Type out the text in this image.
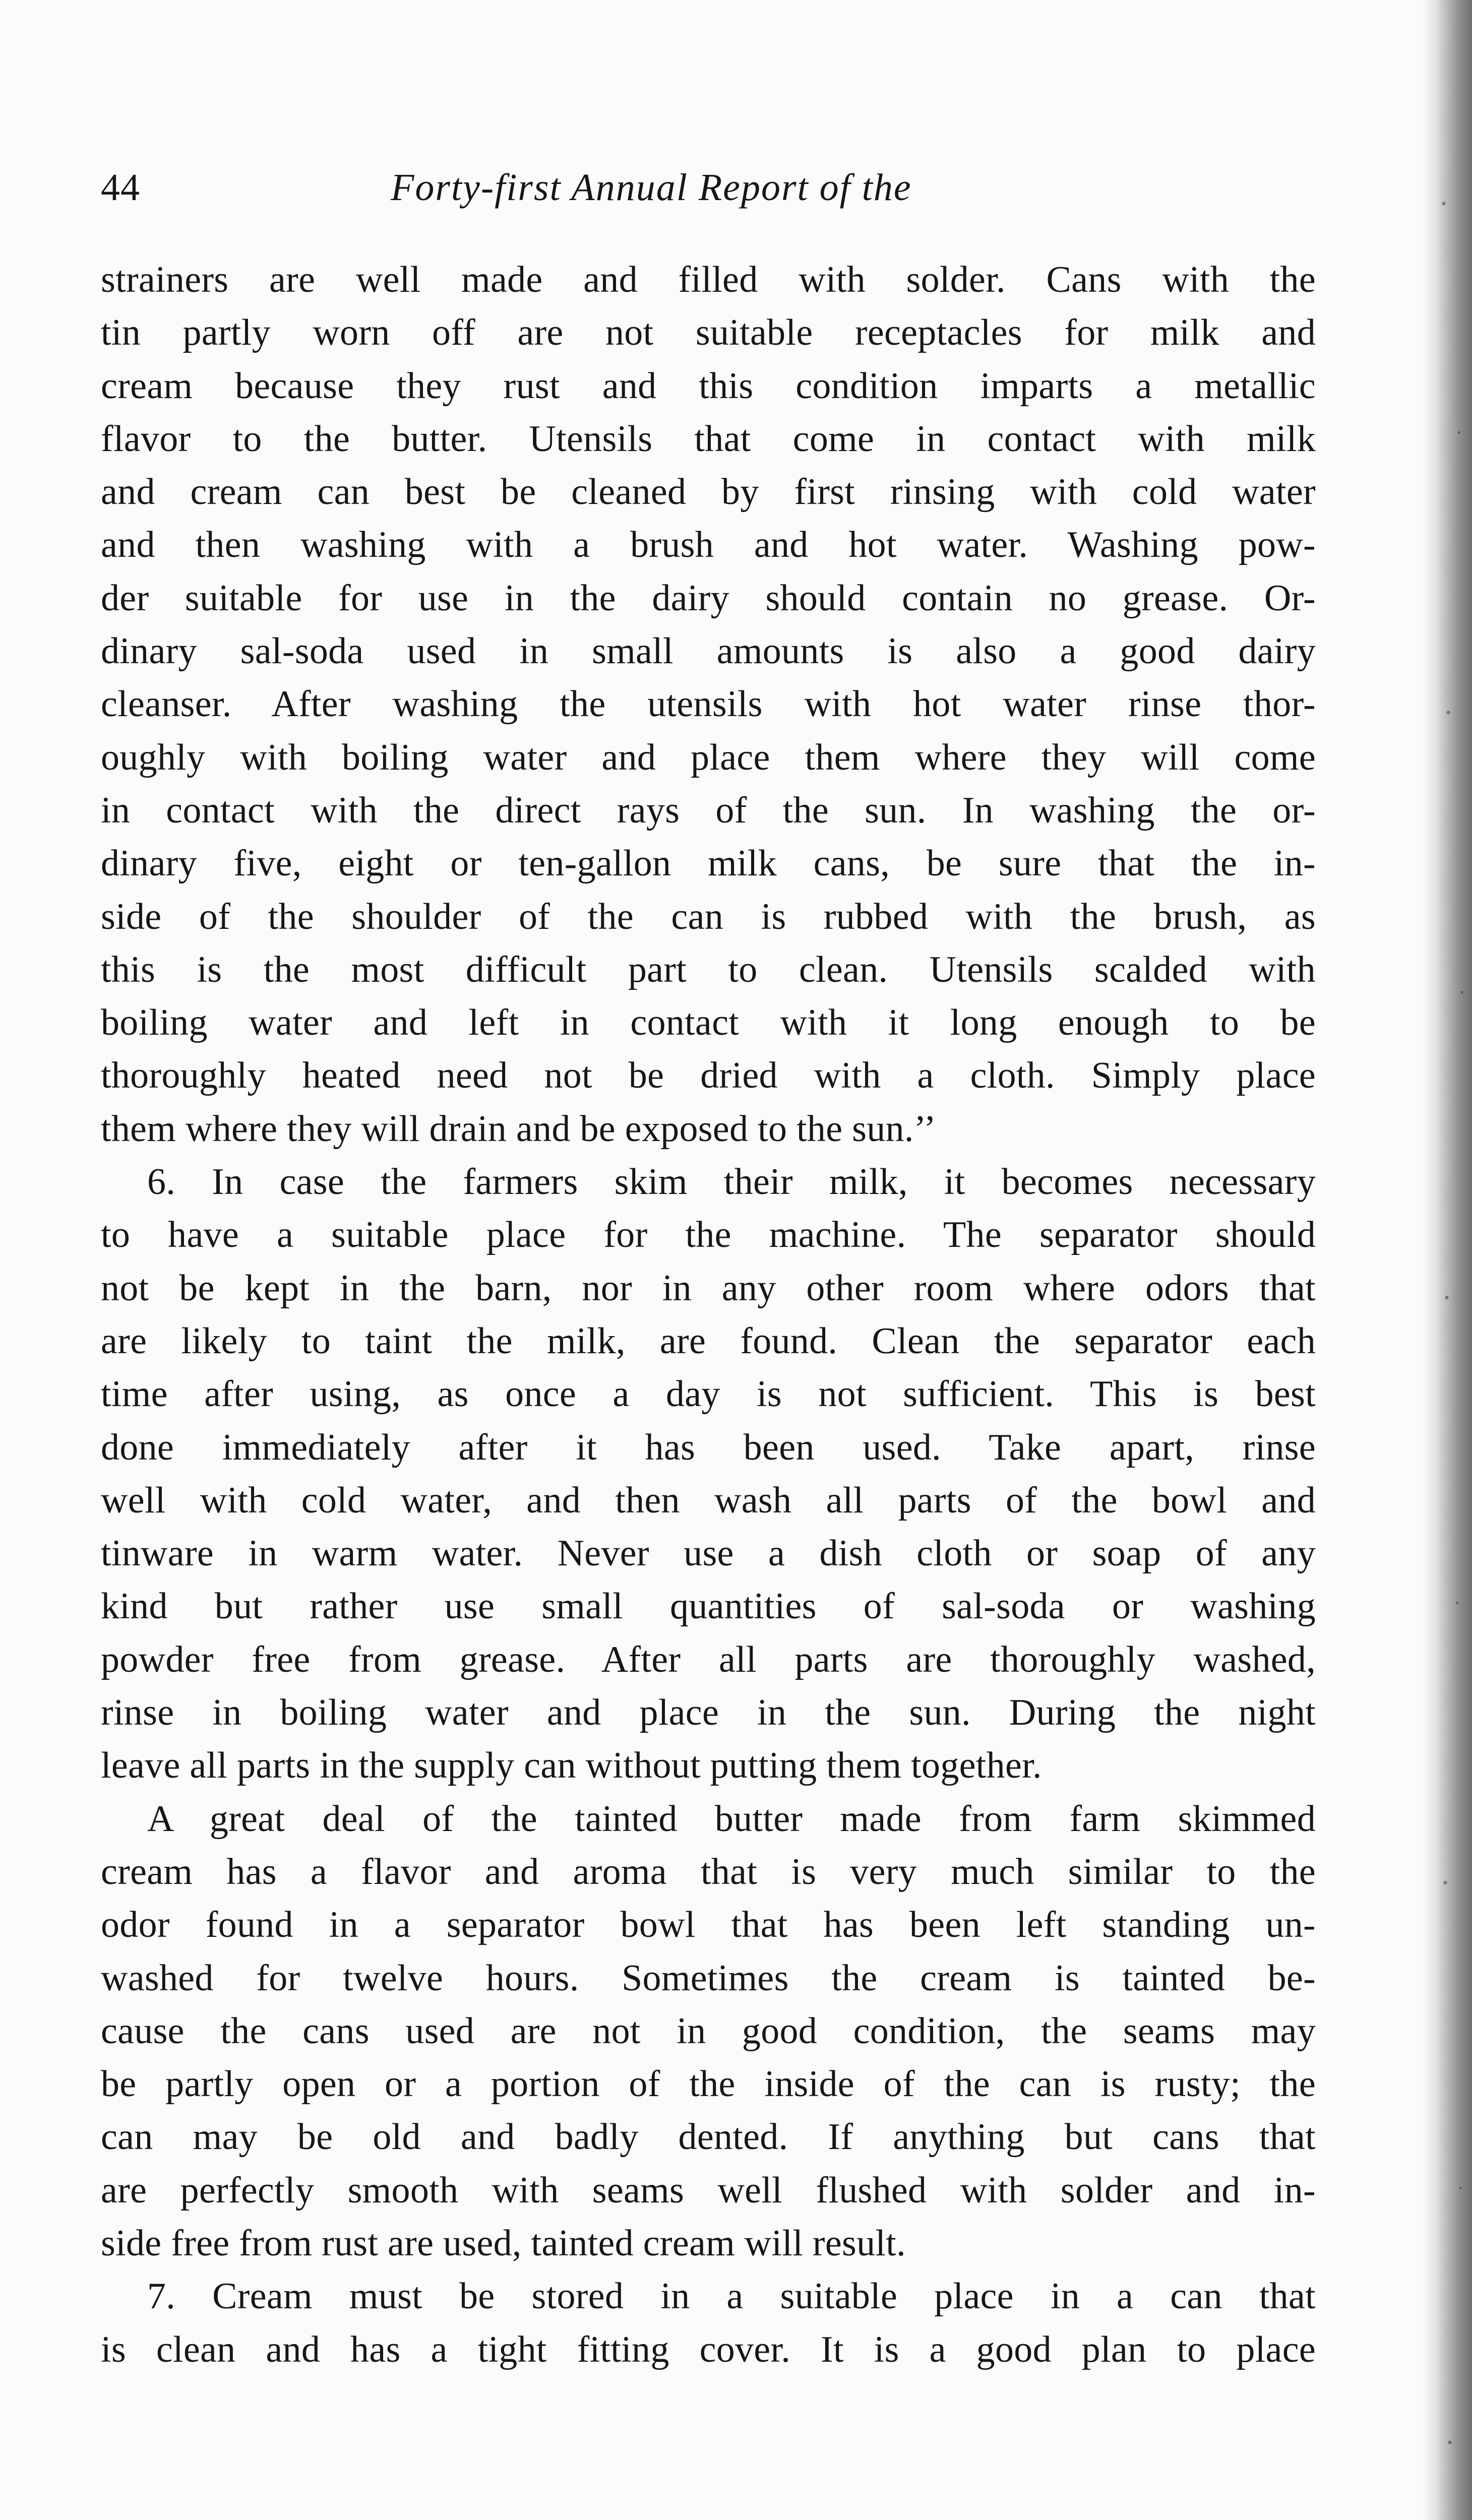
44	Forty-first Annual Report of the
strainers are well made and filled with solder. Cans with the
tin partly worn off are not suitable receptacles for milk and
cream because they rust and this condition imparts a metallic
flavor to the butter. Utensils that come in contact with milk
and cream can best be cleaned by first rinsing with cold water
and then washing with a brush and hot water. Washing pow-
der suitable for use in the dairy should contain no grease. Or-
dinary sal-soda used in small amounts is also a good dairy
cleanser. After washing the utensils with hot water rinse thor-
oughly with boiling water and place them where they will come
in contact with the direct rays of the sun. In washing the or-
dinary five, eight or ten-gallon milk cans, be sure that the in-
side of the shoulder of the can is rubbed with the brush, as
this is the most difficult part to clean. Utensils scalded with
boiling water and left in contact with it long enough to be
thoroughly heated need not be dried with a cloth. Simply place
them where they will drain and be exposed to the sun.’’
6. In case the farmers skim their milk, it becomes necessary
to have a suitable place for the machine. The separator should
not be kept in the barn, nor in any other room where odors that
are likely to taint the milk, are found. Clean the separator each
time after using, as once a day is not sufficient. This is best
done immediately after it has been used. Take apart, rinse
well with cold water, and then wash all parts of the bowl and
tinware in warm water. Never use a dish cloth or soap of any
kind but rather use small quantities of sal-soda or washing
powder free from grease. After all parts are thoroughly washed,
rinse in boiling water and place in the sun. During the night
leave all parts in the supply can without putting them together.
A great deal of the tainted butter made from farm skimmed
cream has a flavor and aroma that is very much similar to the
odor found in a separator bowl that has been left standing un-
washed for twelve hours. Sometimes the cream is tainted be-
cause the cans used are not in good condition, the seams may
be partly open or a portion of the inside of the can is rusty; the
can may be old and badly dented. If anything but cans that
are perfectly smooth with seams well flushed with solder and in-
side free from rust are used, tainted cream will result.
7. Cream must be stored in a suitable place in a can that
is clean and has a tight fitting cover. It is a good plan to place
